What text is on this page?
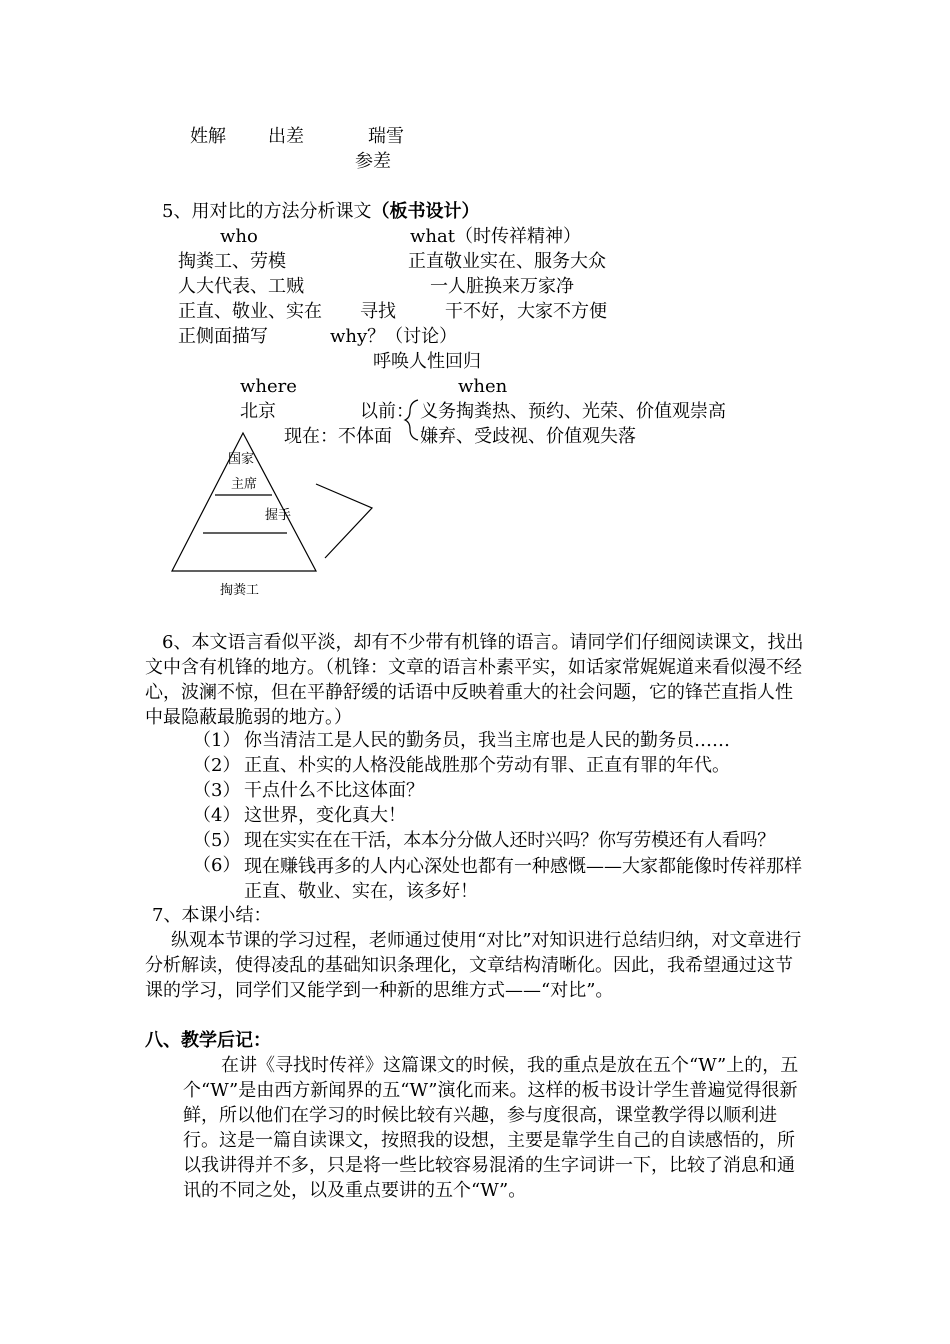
姓解 出差	瑞雪
参差
5、用对比的方法分析课文（板书设计）
who	what（时传祥精神）
掏粪工、劳模	正直敬业实在、服务大众
人大代表、工贼	一人脏换来万家净
正直、敬业、实在 寻找	干不好，大家不方便
正侧面描写	why？（讨论）
呼唤人性回归
where	when
北京	以前： 义务掏粪热、预约、光荣、价值观崇高
现在：不体面 嫌弃、受歧视、价值观失落
国家
主席
握手
掏粪工
6、本文语言看似平淡，却有不少带有机锋的语言。请同学们仔细阅读课文，找出文中含有机锋的地方。（机锋：文章的语言朴素平实，如话家常娓娓道来看似漫不经心，波澜不惊，但在平静舒缓的话语中反映着重大的社会问题，它的锋芒直指人性中最隐蔽最脆弱的地方。）
（1） 你当清洁工是人民的勤务员，我当主席也是人民的勤务员……
（2） 正直、朴实的人格没能战胜那个劳动有罪、正直有罪的年代。
（3） 干点什么不比这体面？
（4） 这世界，变化真大！
（5） 现在实实在在干活，本本分分做人还时兴吗？你写劳模还有人看吗？
（6） 现在赚钱再多的人内心深处也都有一种感慨——大家都能像时传祥那样正直、敬业、实在，该多好！
7、本课小结：
纵观本节课的学习过程，老师通过使用“对比”对知识进行总结归纳，对文章进行分析解读，使得凌乱的基础知识条理化，文章结构清晰化。因此，我希望通过这节课的学习，同学们又能学到一种新的思维方式——“对比”。
八、教学后记：
在讲《寻找时传祥》这篇课文的时候，我的重点是放在五个“W”上的，五个“W”是由西方新闻界的五“W”演化而来。这样的板书设计学生普遍觉得很新鲜，所以他们在学习的时候比较有兴趣，参与度很高，课堂教学得以顺利进行。这是一篇自读课文，按照我的设想，主要是靠学生自己的自读感悟的，所以我讲得并不多，只是将一些比较容易混淆的生字词讲一下，比较了消息和通讯的不同之处，以及重点要讲的五个“W”。
